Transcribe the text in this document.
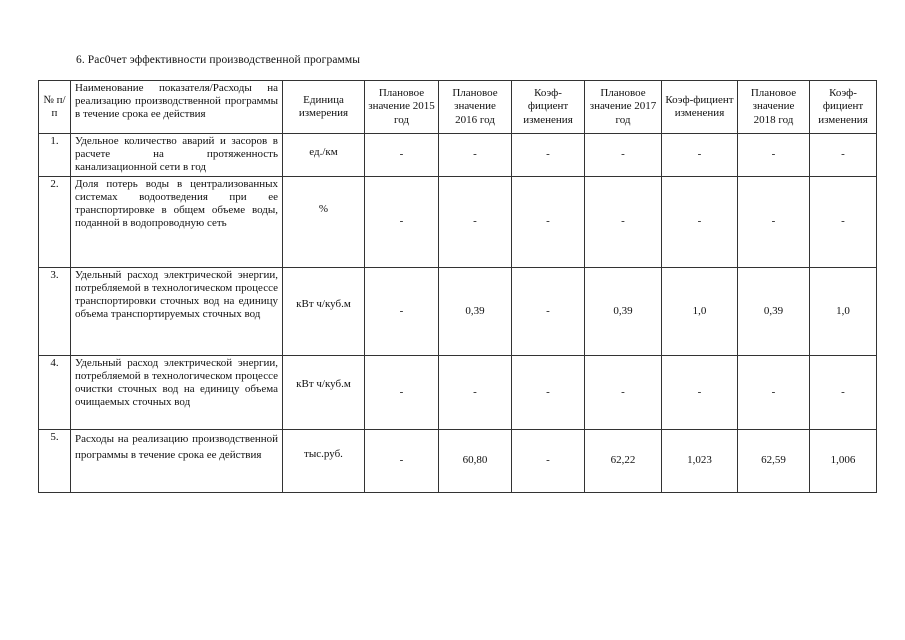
6. Рас0чет эффективности производственной программы
№ п/п	Наименование показателя/Расходы на реализацию производственной программы в течение срока ее действия	Единица измерения	Плановое значение 2015 год	Плановое значение 2016 год	Коэф-фициент изменения	Плановое значение 2017 год	Коэф-фициент изменения	Плановое значение 2018 год	Коэф-фициент изменения
1.	Удельное количество аварий и засоров в расчете на протяженность канализационной сети в год	ед./км	-	-	-	-	-	-	-
2.	Доля потерь воды в централизованных системах водоотведения при ее транспортировке в общем объеме воды, поданной в водопроводную сеть	%	-	-	-	-	-	-	-
3.	Удельный расход электрической энергии, потребляемой в технологическом процессе транспортировки сточных вод на единицу объема транспортируемых сточных вод	кВт ч/куб.м	-	0,39	-	0,39	1,0	0,39	1,0
4.	Удельный расход электрической энергии, потребляемой в технологическом процессе очистки сточных вод на единицу объема очищаемых сточных вод	кВт ч/куб.м	-	-	-	-	-	-	-
5.	Расходы на реализацию производственной программы в течение срока ее действия	тыс.руб.	-	60,80	-	62,22	1,023	62,59	1,006
